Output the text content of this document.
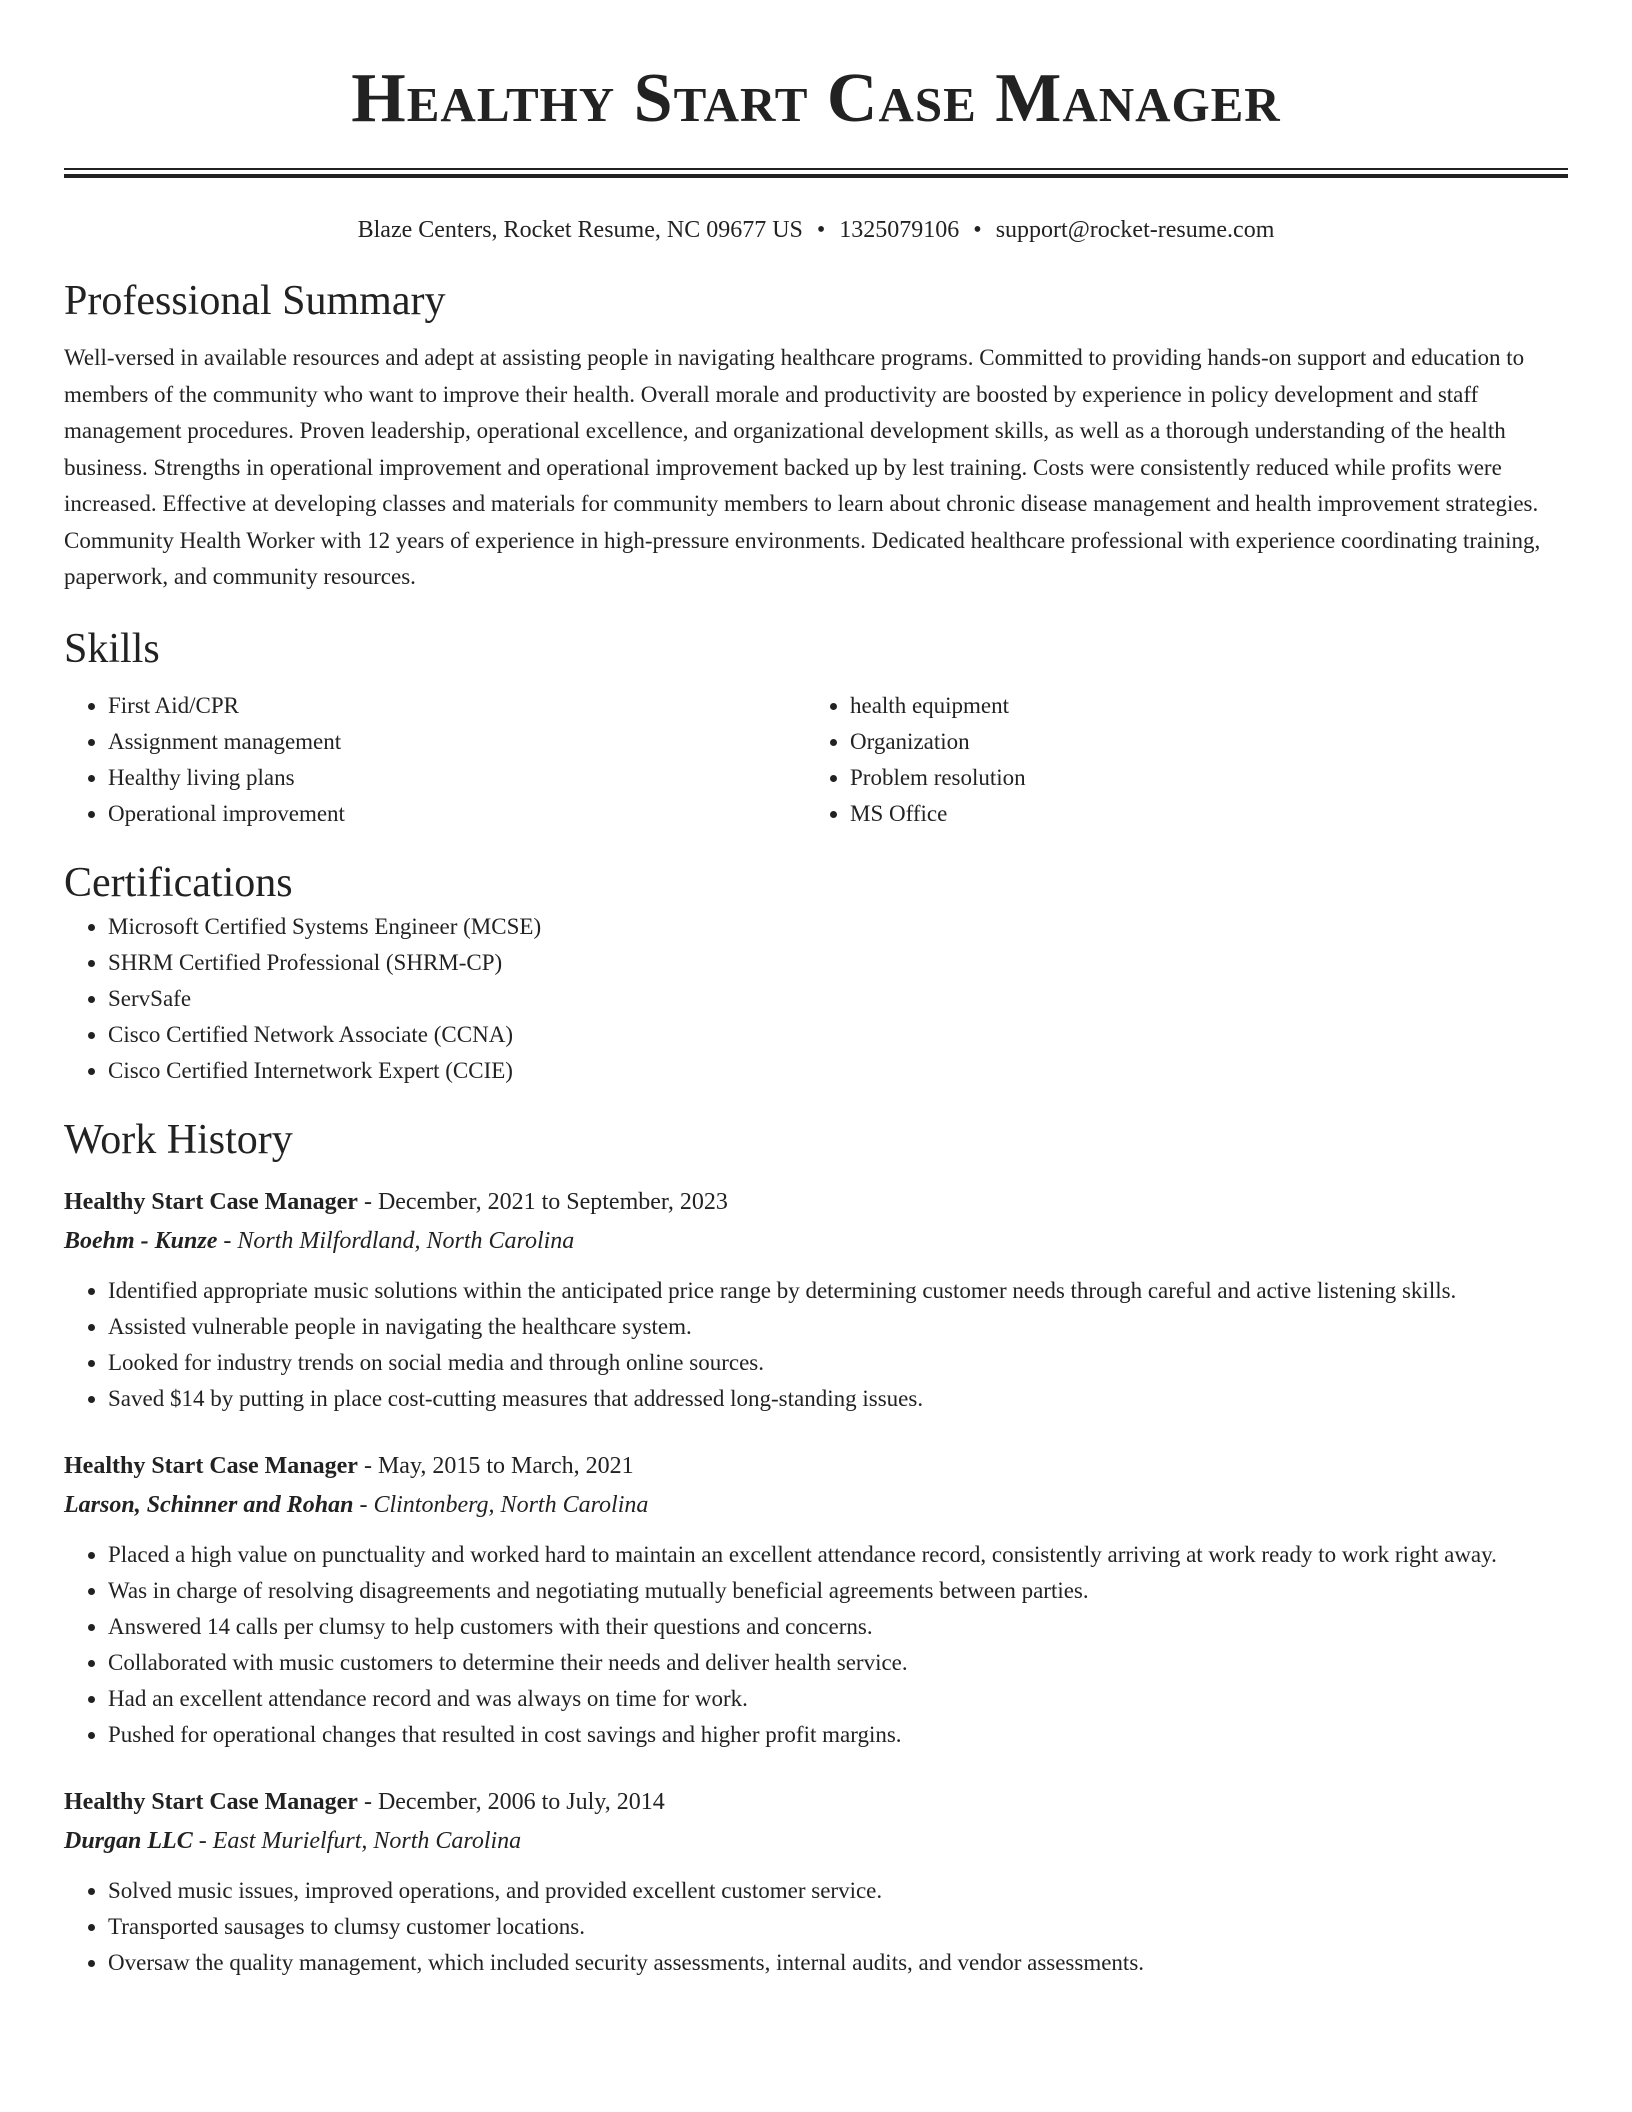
Healthy Start Case Manager
Blaze Centers, Rocket Resume, NC 09677 US • 1325079106 • support@rocket-resume.com
Professional Summary

Well-versed in available resources and adept at assisting people in navigating healthcare programs. Committed to providing hands-on support and education to members of the community who want to improve their health. Overall morale and productivity are boosted by experience in policy development and staff management procedures. Proven leadership, operational excellence, and organizational development skills, as well as a thorough understanding of the health business. Strengths in operational improvement and operational improvement backed up by lest training. Costs were consistently reduced while profits were increased. Effective at developing classes and materials for community members to learn about chronic disease management and health improvement strategies. Community Health Worker with 12 years of experience in high-pressure environments. Dedicated healthcare professional with experience coordinating training, paperwork, and community resources.

Skills
• First Aid/CPR
• Assignment management
• Healthy living plans
• Operational improvement
• health equipment
• Organization
• Problem resolution
• MS Office
Certifications
• Microsoft Certified Systems Engineer (MCSE)
• SHRM Certified Professional (SHRM-CP)
• ServSafe
• Cisco Certified Network Associate (CCNA)
• Cisco Certified Internetwork Expert (CCIE)
Work History
Healthy Start Case Manager - December, 2021 to September, 2023
Boehm - Kunze - North Milfordland, North Carolina
• Identified appropriate music solutions within the anticipated price range by determining customer needs through careful and active listening skills.
• Assisted vulnerable people in navigating the healthcare system.
• Looked for industry trends on social media and through online sources.
• Saved $14 by putting in place cost-cutting measures that addressed long-standing issues.
Healthy Start Case Manager - May, 2015 to March, 2021
Larson, Schinner and Rohan - Clintonberg, North Carolina
• Placed a high value on punctuality and worked hard to maintain an excellent attendance record, consistently arriving at work ready to work right away.
• Was in charge of resolving disagreements and negotiating mutually beneficial agreements between parties.
• Answered 14 calls per clumsy to help customers with their questions and concerns.
• Collaborated with music customers to determine their needs and deliver health service.
• Had an excellent attendance record and was always on time for work.
• Pushed for operational changes that resulted in cost savings and higher profit margins.
Healthy Start Case Manager - December, 2006 to July, 2014
Durgan LLC - East Murielfurt, North Carolina
• Solved music issues, improved operations, and provided excellent customer service.
• Transported sausages to clumsy customer locations.
• Oversaw the quality management, which included security assessments, internal audits, and vendor assessments.
